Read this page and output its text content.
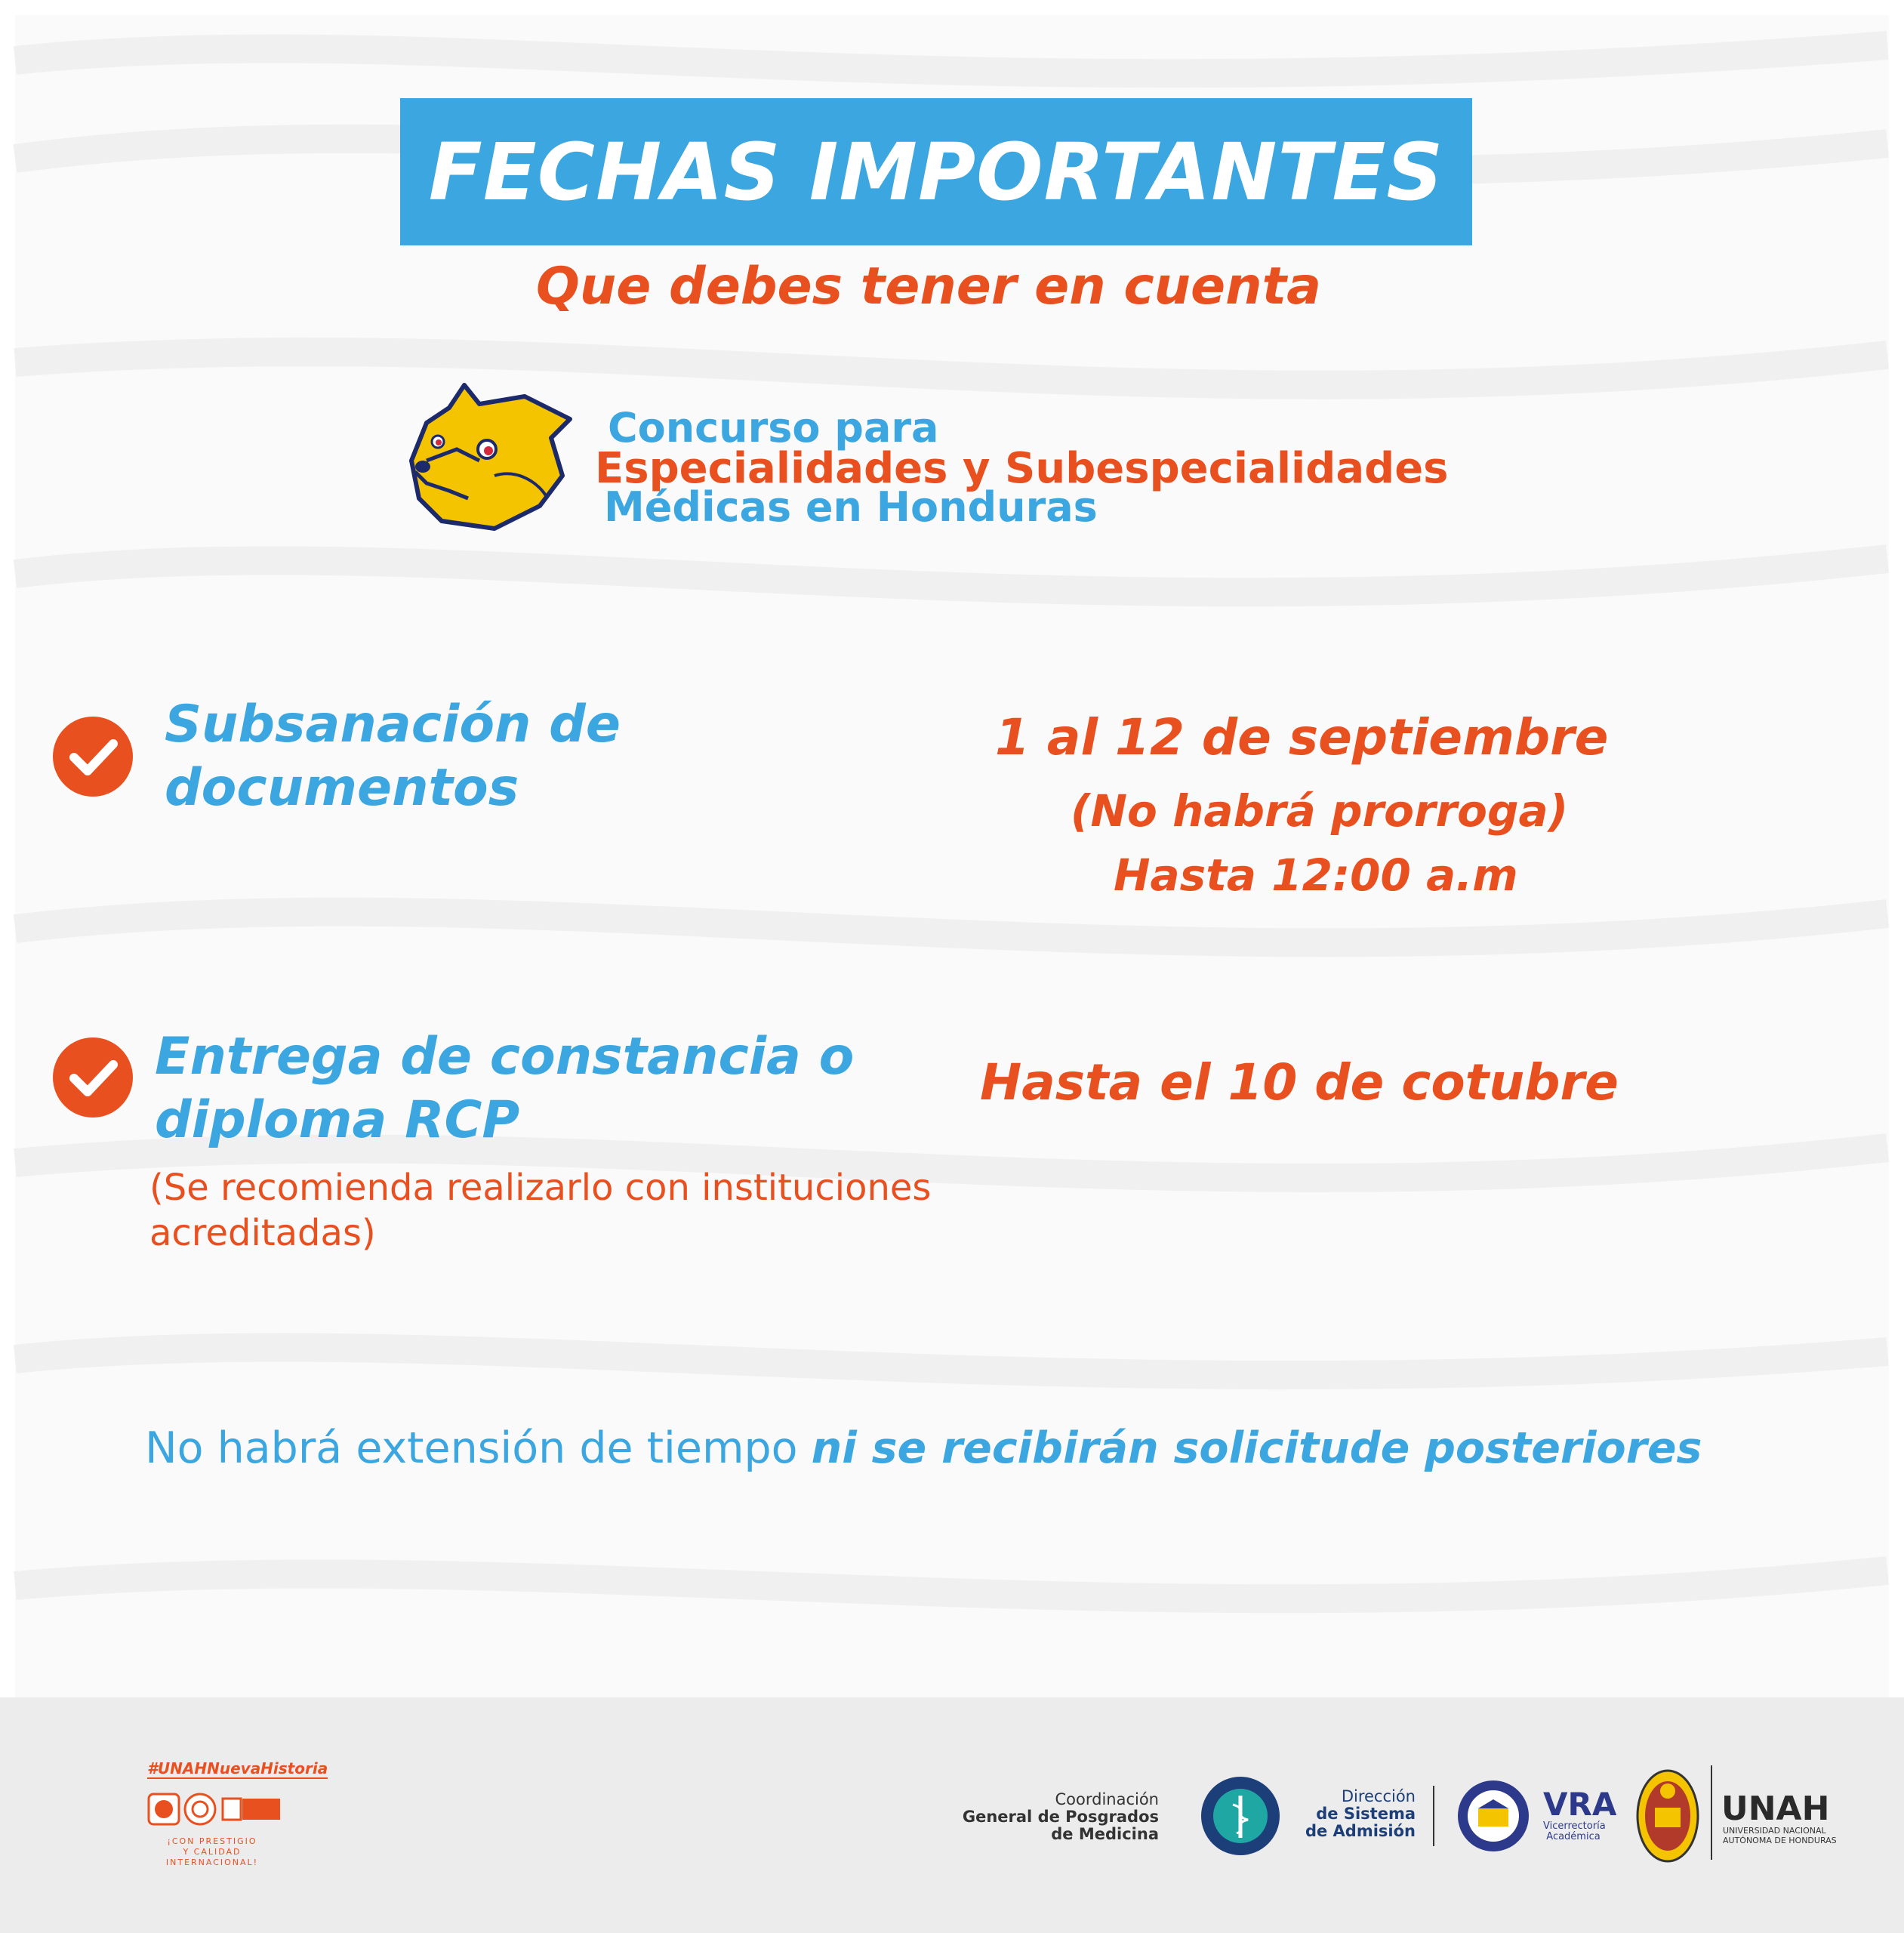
FECHAS IMPORTANTES
Que debes tener en cuenta
Concurso para
Especialidades y Subespecialidades
Médicas en Honduras
Subsanación de
documentos
1 al 12 de septiembre
(No habrá prorroga)
Hasta 12:00 a.m
Entrega de constancia o
diploma RCP
(Se recomienda realizarlo con instituciones
acreditadas)
Hasta el 10 de cotubre
No habrá extensión de tiempo ni se recibirán solicitude posteriores
#UNAHNuevaHistoria
¡CON PRESTIGIO
Y CALIDAD INTERNACIONAL!
Coordinación
General de Posgrados
de Medicina
Dirección
de Sistema
de Admisión
VRA
Vicerrectoría
Académica
UNAH
UNIVERSIDAD NACIONAL
AUTÓNOMA DE HONDURAS
